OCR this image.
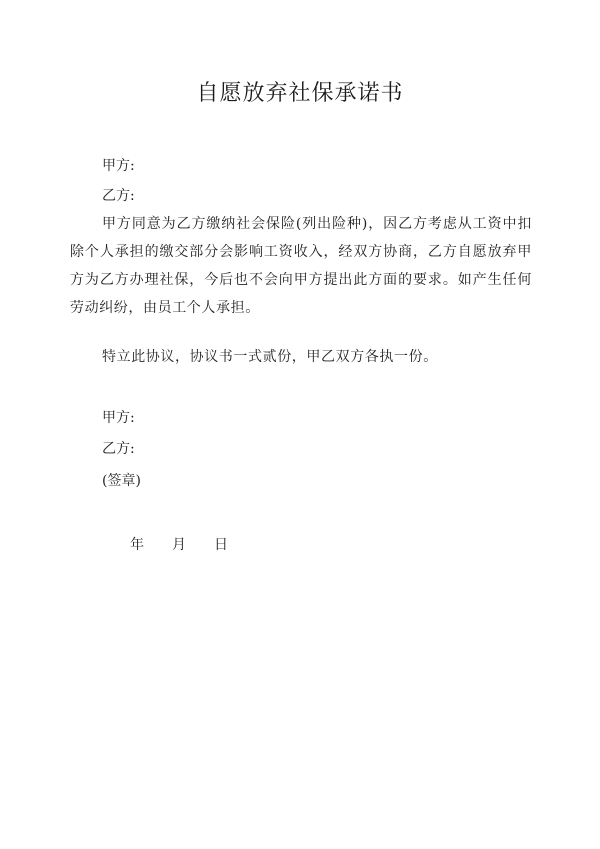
自愿放弃社保承诺书
甲方:
乙方:
甲方同意为乙方缴纳社会保险(列出险种)，因乙方考虑从工资中扣除个人承担的缴交部分会影响工资收入，经双方协商，乙方自愿放弃甲方为乙方办理社保，今后也不会向甲方提出此方面的要求。如产生任何劳动纠纷，由员工个人承担。
特立此协议，协议书一式贰份，甲乙双方各执一份。
甲方:
乙方:
(签章)
年 月 日
